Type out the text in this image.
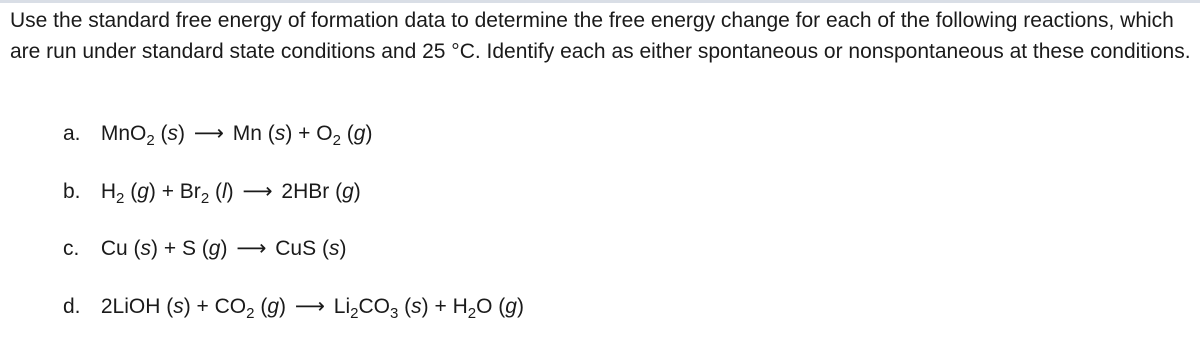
Use the standard free energy of formation data to determine the free energy change for each of the following reactions, which are run under standard state conditions and 25 °C. Identify each as either spontaneous or nonspontaneous at these conditions.

a. MnO$_2$ (s) ⟶ Mn $(s) + O_2$ (g)
b. $H_2$ $(g) + Br_2$ (l) ⟶ 2HBr (g)
c. Cu (s) + S (g) ⟶ CuS (s)
d. 2LiOH $(s) + CO_2$ (g) ⟶ $Li_2CO_3$ $(s) + H_2O$ (g)
